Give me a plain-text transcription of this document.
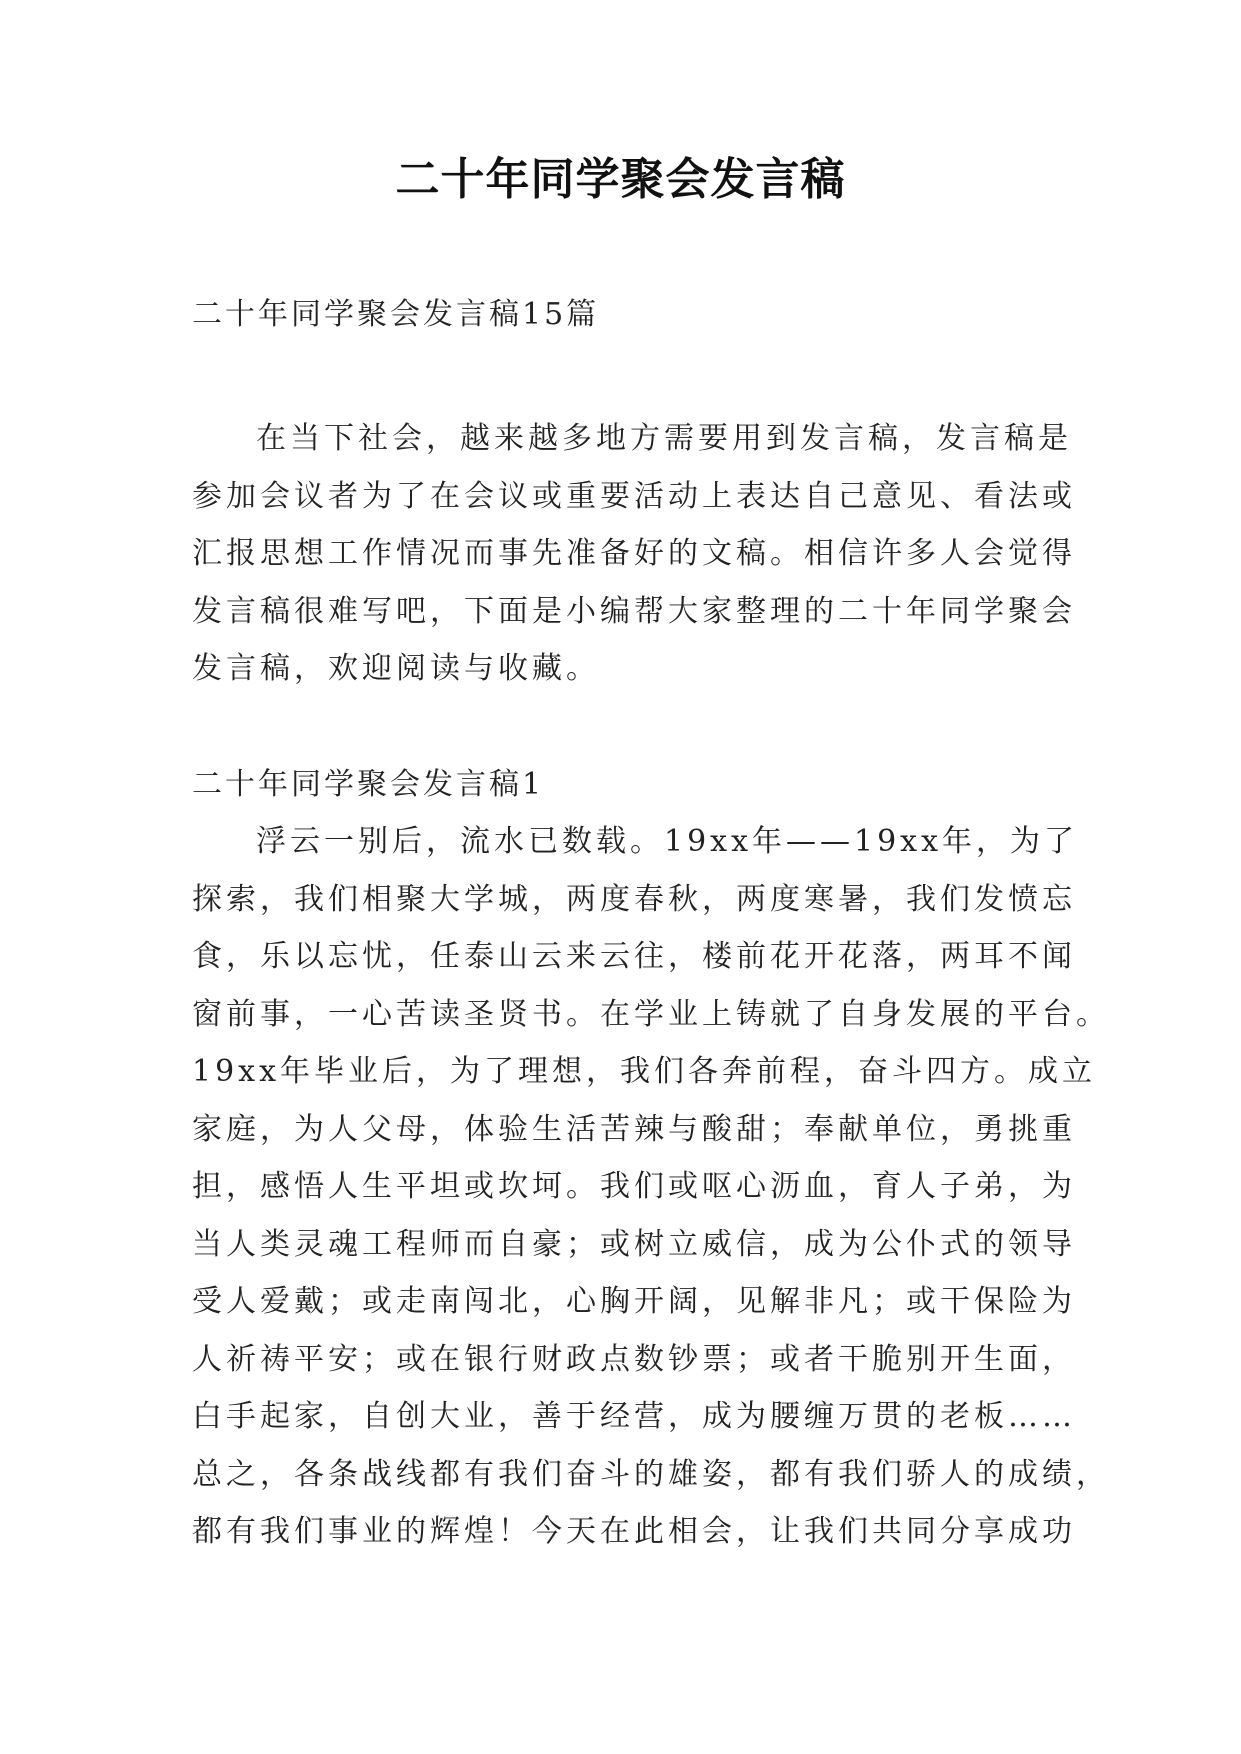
二十年同学聚会发言稿
二十年同学聚会发言稿15篇
在当下社会，越来越多地方需要用到发言稿，发言稿是
参加会议者为了在会议或重要活动上表达自己意见、看法或
汇报思想工作情况而事先准备好的文稿。相信许多人会觉得
发言稿很难写吧，下面是小编帮大家整理的二十年同学聚会
发言稿，欢迎阅读与收藏。
二十年同学聚会发言稿1
浮云一别后，流水已数载。19xx年——19xx年，为了
探索，我们相聚大学城，两度春秋，两度寒暑，我们发愤忘
食，乐以忘忧，任泰山云来云往，楼前花开花落，两耳不闻
窗前事，一心苦读圣贤书。在学业上铸就了自身发展的平台。
19xx年毕业后，为了理想，我们各奔前程，奋斗四方。成立
家庭，为人父母，体验生活苦辣与酸甜；奉献单位，勇挑重
担，感悟人生平坦或坎坷。我们或呕心沥血，育人子弟，为
当人类灵魂工程师而自豪；或树立威信，成为公仆式的领导
受人爱戴；或走南闯北，心胸开阔，见解非凡；或干保险为
人祈祷平安；或在银行财政点数钞票；或者干脆别开生面，
白手起家，自创大业，善于经营，成为腰缠万贯的老板……
总之，各条战线都有我们奋斗的雄姿，都有我们骄人的成绩，
都有我们事业的辉煌！今天在此相会，让我们共同分享成功
